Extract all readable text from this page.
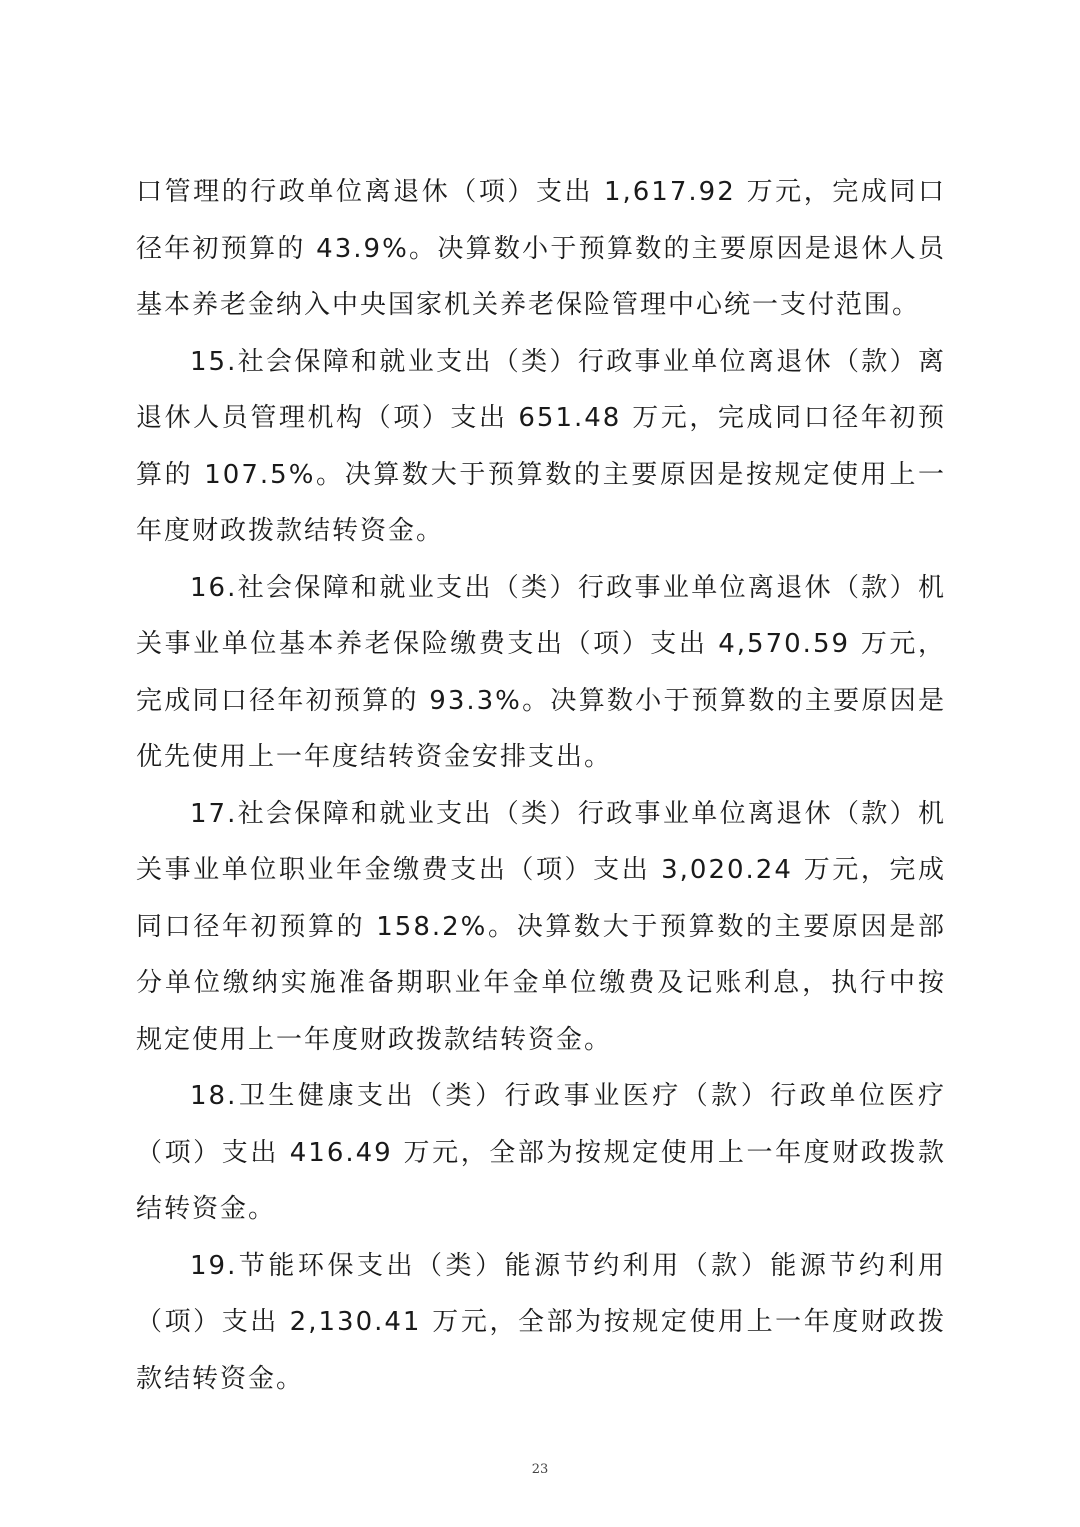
口管理的行政单位离退休（项）支出 1,617.92 万元，完成同口径年初预算的 43.9%。决算数小于预算数的主要原因是退休人员基本养老金纳入中央国家机关养老保险管理中心统一支付范围。

15.社会保障和就业支出（类）行政事业单位离退休（款）离退休人员管理机构（项）支出 651.48 万元，完成同口径年初预算的 107.5%。决算数大于预算数的主要原因是按规定使用上一年度财政拨款结转资金。

16.社会保障和就业支出（类）行政事业单位离退休（款）机关事业单位基本养老保险缴费支出（项）支出 4,570.59 万元，完成同口径年初预算的 93.3%。决算数小于预算数的主要原因是优先使用上一年度结转资金安排支出。

17.社会保障和就业支出（类）行政事业单位离退休（款）机关事业单位职业年金缴费支出（项）支出 3,020.24 万元，完成同口径年初预算的 158.2%。决算数大于预算数的主要原因是部分单位缴纳实施准备期职业年金单位缴费及记账利息，执行中按规定使用上一年度财政拨款结转资金。

18.卫生健康支出（类）行政事业医疗（款）行政单位医疗（项）支出 416.49 万元，全部为按规定使用上一年度财政拨款结转资金。

19.节能环保支出（类）能源节约利用（款）能源节约利用（项）支出 2,130.41 万元，全部为按规定使用上一年度财政拨款结转资金。

23
